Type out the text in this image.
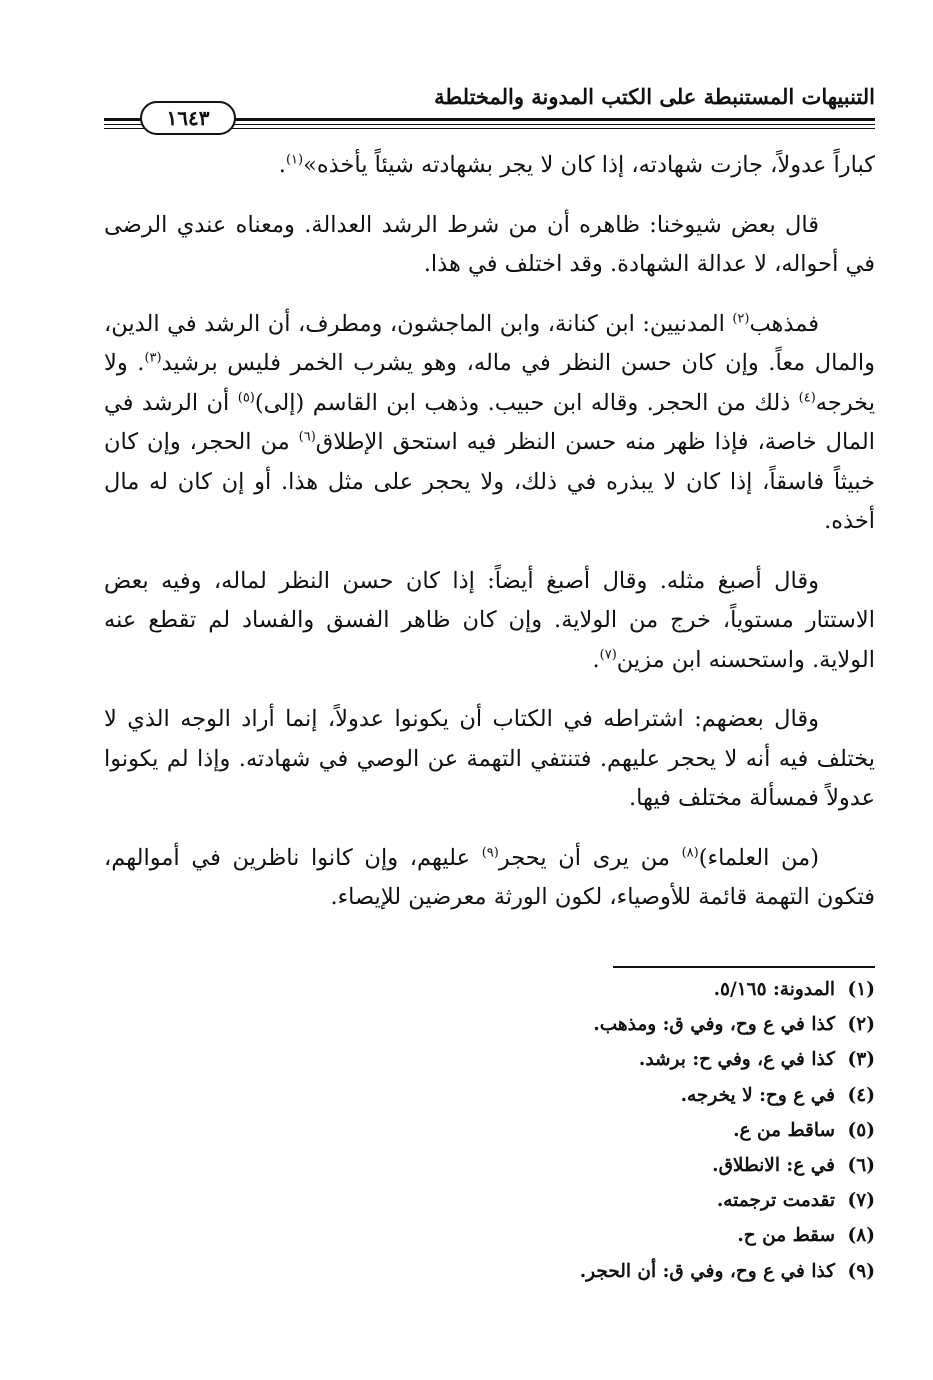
التنبيهات المستنبطة على الكتب المدونة والمختلطة
١٦٤٣

كباراً عدولاً، جازت شهادته، إذا كان لا يجر بشهادته شيئاً يأخذه»$^{(١)}$.

قال بعض شيوخنا: ظاهره أن من شرط الرشد العدالة. ومعناه عندي الرضى في أحواله، لا عدالة الشهادة. وقد اختلف في هذا.

فمذهب$^{(٢)}$ المدنيين: ابن كنانة، وابن الماجشون، ومطرف، أن الرشد في الدين، والمال معاً. وإن كان حسن النظر في ماله، وهو يشرب الخمر فليس برشيد$^{(٣)}$. ولا يخرجه$^{(٤)}$ ذلك من الحجر. وقاله ابن حبيب. وذهب ابن القاسم (إلى)$^{(٥)}$ أن الرشد في المال خاصة، فإذا ظهر منه حسن النظر فيه استحق الإطلاق$^{(٦)}$ من الحجر، وإن كان خبيثاً فاسقاً، إذا كان لا يبذره في ذلك، ولا يحجر على مثل هذا. أو إن كان له مال أخذه.

وقال أصبغ مثله. وقال أصبغ أيضاً: إذا كان حسن النظر لماله، وفيه بعض الاستتار مستوياً، خرج من الولاية. وإن كان ظاهر الفسق والفساد لم تقطع عنه الولاية. واستحسنه ابن مزين$^{(٧)}$.

وقال بعضهم: اشتراطه في الكتاب أن يكونوا عدولاً، إنما أراد الوجه الذي لا يختلف فيه أنه لا يحجر عليهم. فتنتفي التهمة عن الوصي في شهادته. وإذا لم يكونوا عدولاً فمسألة مختلف فيها.

(من العلماء)$^{(٨)}$ من يرى أن يحجر$^{(٩)}$ عليهم، وإن كانوا ناظرين في أموالهم، فتكون التهمة قائمة للأوصياء، لكون الورثة معرضين للإيصاء.

(١)
المدونة: ٥/١٦٥.
(٢)
كذا في ع وح، وفي ق: ومذهب.
(٣)
كذا في ع، وفي ح: برشد.
(٤)
في ع وح: لا يخرجه.
(٥)
ساقط من ع.
(٦)
في ع: الانطلاق.
(٧)
تقدمت ترجمته.
(٨)
سقط من ح.
(٩)
كذا في ع وح، وفي ق: أن الحجر.
